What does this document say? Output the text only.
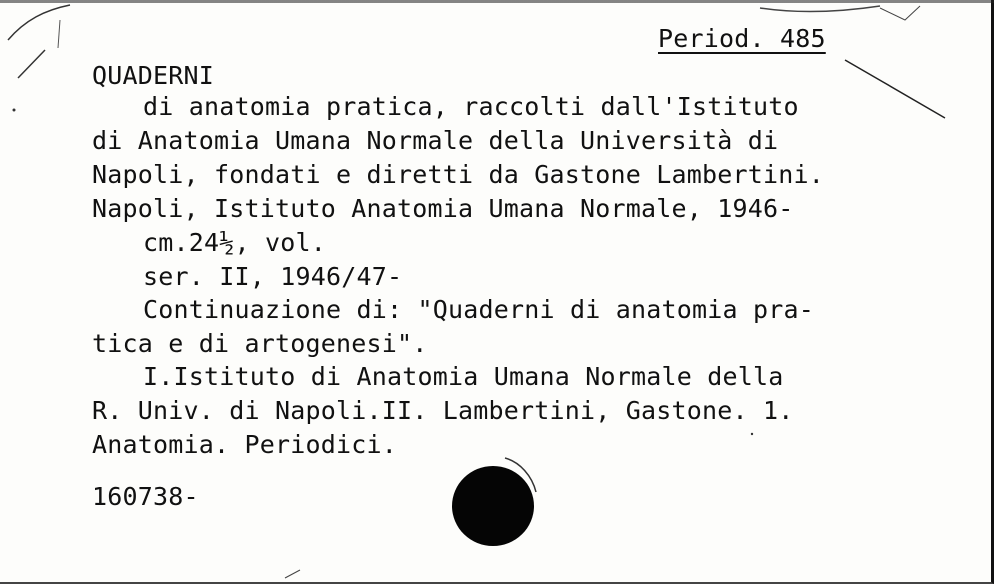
Period. 485
QUADERNI
di anatomia pratica, raccolti dall'Istituto
di Anatomia Umana Normale della Università di
Napoli, fondati e diretti da Gastone Lambertini.
Napoli, Istituto Anatomia Umana Normale, 1946-
cm.24½, vol.
ser. II, 1946/47-
Continuazione di: "Quaderni di anatomia pra-
tica e di artogenesi".
I.Istituto di Anatomia Umana Normale della
R. Univ. di Napoli.II. Lambertini, Gastone. 1.
Anatomia. Periodici.
160738-
